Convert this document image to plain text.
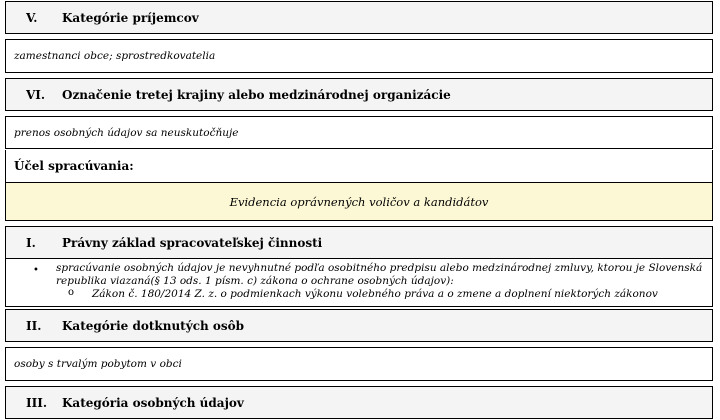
V. Kategórie príjemcov
zamestnanci obce; sprostredkovatelia
VI. Označenie tretej krajiny alebo medzinárodnej organizácie
prenos osobných údajov sa neuskutočňuje
Účel spracúvania:
Evidencia oprávnených voličov a kandidátov
I. Právny základ spracovateľskej činnosti
• spracúvanie osobných údajov je nevyhnutné podľa osobitného predpisu alebo medzinárodnej zmluvy, ktorou je Slovenská republika viazaná(§ 13 ods. 1 písm. c) zákona o ochrane osobných údajov):
o Zákon č. 180/2014 Z. z. o podmienkach výkonu volebného práva a o zmene a doplnení niektorých zákonov
II. Kategórie dotknutých osôb
osoby s trvalým pobytom v obci
III. Kategória osobných údajov
